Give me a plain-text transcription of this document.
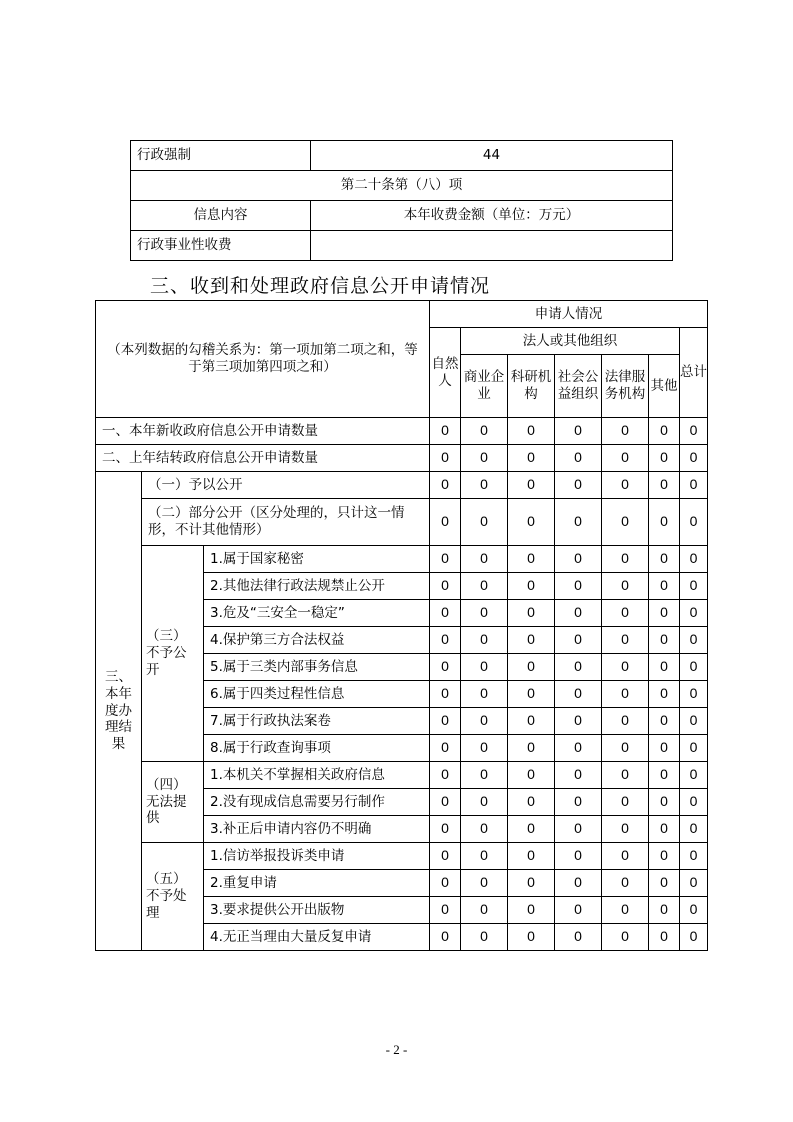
行政强制	44
第二十条第（八）项	
信息内容	本年收费金额（单位：万元）
行政事业性收费	
三、收到和处理政府信息公开申请情况
（本列数据的勾稽关系为：第一项加第二项之和，等于第三项加第四项之和）			申请人情况						
			自然人	法人或其他组织					总计
				商业企业	科研机构	社会公益组织	法律服务机构	其他	
一、本年新收政府信息公开申请数量			0	0	0	0	0	0	0
二、上年结转政府信息公开申请数量			0	0	0	0	0	0	0
三、本年度办理结果	（一）予以公开		0	0	0	0	0	0	0
	（二）部分公开（区分处理的，只计这一情形，不计其他情形）		0	0	0	0	0	0	0
	（三）不予公开	1.属于国家秘密	0	0	0	0	0	0	0
		2.其他法律行政法规禁止公开	0	0	0	0	0	0	0
		3.危及“三安全一稳定”	0	0	0	0	0	0	0
		4.保护第三方合法权益	0	0	0	0	0	0	0
		5.属于三类内部事务信息	0	0	0	0	0	0	0
		6.属于四类过程性信息	0	0	0	0	0	0	0
		7.属于行政执法案卷	0	0	0	0	0	0	0
		8.属于行政查询事项	0	0	0	0	0	0	0
	（四）无法提供	1.本机关不掌握相关政府信息	0	0	0	0	0	0	0
		2.没有现成信息需要另行制作	0	0	0	0	0	0	0
		3.补正后申请内容仍不明确	0	0	0	0	0	0	0
	（五）不予处理	1.信访举报投诉类申请	0	0	0	0	0	0	0
		2.重复申请	0	0	0	0	0	0	0
		3.要求提供公开出版物	0	0	0	0	0	0	0
		4.无正当理由大量反复申请	0	0	0	0	0	0	0
- 2 -
